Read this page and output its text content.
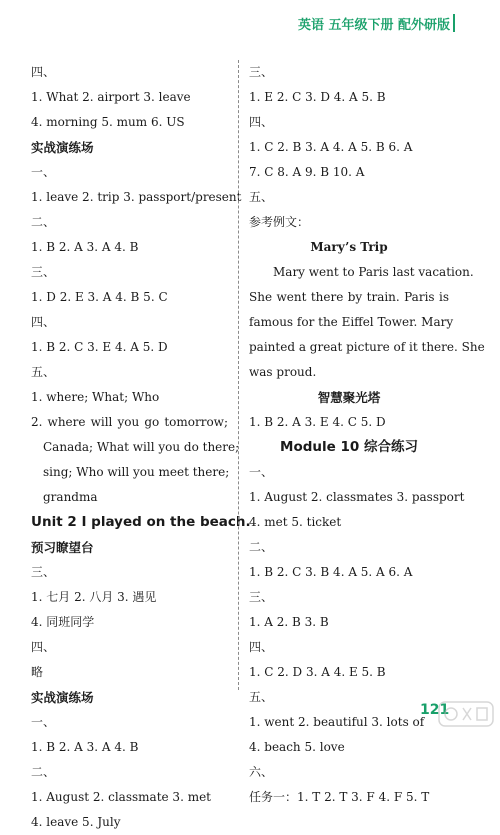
英语 五年级下册 配外研版
四、
1. What 2. airport 3. leave
4. morning 5. mum 6. US
实战演练场
一、
1. leave 2. trip 3. passport/present
二、
1. B 2. A 3. A 4. B
三、
1. D 2. E 3. A 4. B 5. C
四、
1. B 2. C 3. E 4. A 5. D
五、
1. where; What; Who
2. where will you go tomorrow;
Canada; What will you do there;
sing; Who will you meet there;
grandma
Unit 2 I played on the beach.
预习瞭望台
三、
1. 七月 2. 八月 3. 遇见
4. 同班同学
四、
略
实战演练场
一、
1. B 2. A 3. A 4. B
二、
1. August 2. classmate 3. met
4. leave 5. July
三、
1. E 2. C 3. D 4. A 5. B
四、
1. C 2. B 3. A 4. A 5. B 6. A
7. C 8. A 9. B 10. A
五、
参考例文：
Mary’s Trip
Mary went to Paris last vacation.
She went there by train. Paris is
famous for the Eiffel Tower. Mary
painted a great picture of it there. She
was proud.
智慧聚光塔
1. B 2. A 3. E 4. C 5. D
Module 10 综合练习
一、
1. August 2. classmates 3. passport
4. met 5. ticket
二、
1. B 2. C 3. B 4. A 5. A 6. A
三、
1. A 2. B 3. B
四、
1. C 2. D 3. A 4. E 5. B
五、
1. went 2. beautiful 3. lots of
4. beach 5. love
六、
任务一：1. T 2. T 3. F 4. F 5. T
121
